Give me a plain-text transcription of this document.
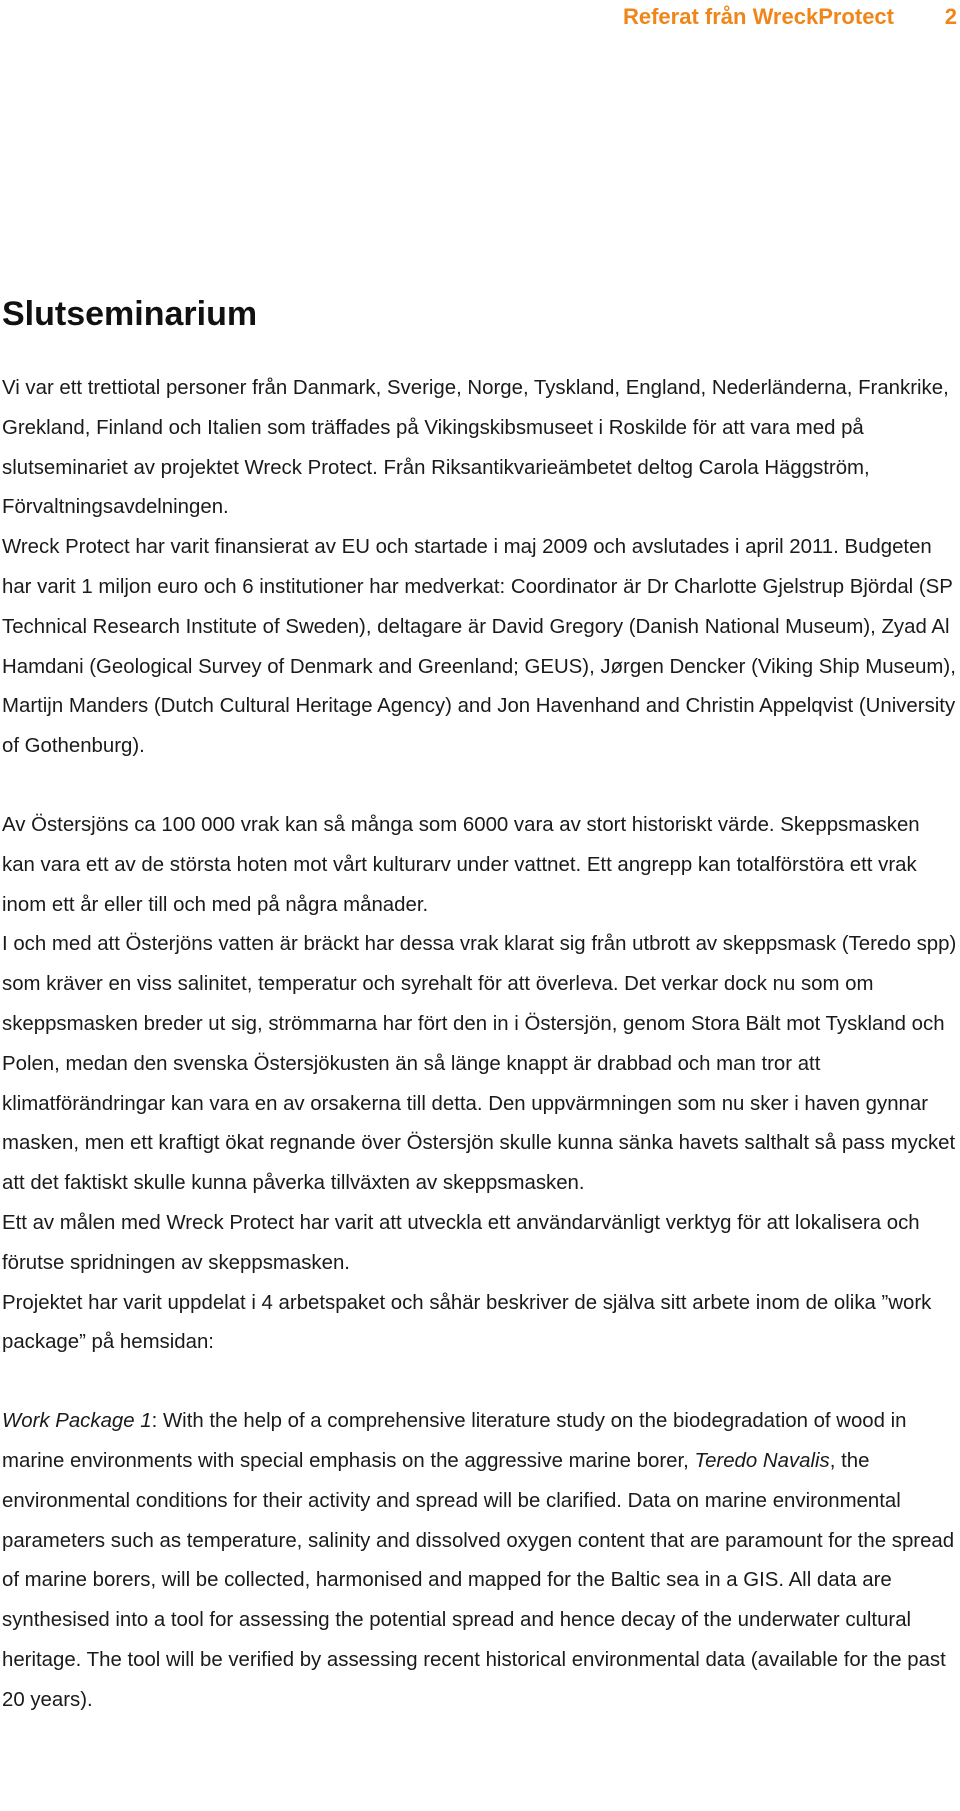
Referat från WreckProtect 2
Slutseminarium

Vi var ett trettiotal personer från Danmark, Sverige, Norge, Tyskland, England, Nederländerna, Frankrike, Grekland, Finland och Italien som träffades på Vikingskibsmuseet i Roskilde för att vara med på slutseminariet av projektet Wreck Protect. Från Riksantikvarieämbetet deltog Carola Häggström, Förvaltningsavdelningen.

Wreck Protect har varit finansierat av EU och startade i maj 2009 och avslutades i april 2011. Budgeten har varit 1 miljon euro och 6 institutioner har medverkat: Coordinator är Dr Charlotte Gjelstrup Björdal (SP Technical Research Institute of Sweden), deltagare är David Gregory (Danish National Museum), Zyad Al Hamdani (Geological Survey of Denmark and Greenland; GEUS), Jørgen Dencker (Viking Ship Museum), Martijn Manders (Dutch Cultural Heritage Agency) and Jon Havenhand and Christin Appelqvist (University of Gothenburg).

Av Östersjöns ca 100 000 vrak kan så många som 6000 vara av stort historiskt värde. Skeppsmasken kan vara ett av de största hoten mot vårt kulturarv under vattnet. Ett angrepp kan totalförstöra ett vrak inom ett år eller till och med på några månader.

I och med att Österjöns vatten är bräckt har dessa vrak klarat sig från utbrott av skeppsmask (Teredo spp) som kräver en viss salinitet, temperatur och syrehalt för att överleva. Det verkar dock nu som om skeppsmasken breder ut sig, strömmarna har fört den in i Östersjön, genom Stora Bält mot Tyskland och Polen, medan den svenska Östersjökusten än så länge knappt är drabbad och man tror att klimatförändringar kan vara en av orsakerna till detta. Den uppvärmningen som nu sker i haven gynnar masken, men ett kraftigt ökat regnande över Östersjön skulle kunna sänka havets salthalt så pass mycket att det faktiskt skulle kunna påverka tillväxten av skeppsmasken.

Ett av målen med Wreck Protect har varit att utveckla ett användarvänligt verktyg för att lokalisera och förutse spridningen av skeppsmasken.

Projektet har varit uppdelat i 4 arbetspaket och såhär beskriver de själva sitt arbete inom de olika ”work package” på hemsidan:

Work Package 1: With the help of a comprehensive literature study on the biodegradation of wood in marine environments with special emphasis on the aggressive marine borer, Teredo Navalis, the environmental conditions for their activity and spread will be clarified. Data on marine environmental parameters such as temperature, salinity and dissolved oxygen content that are paramount for the spread of marine borers, will be collected, harmonised and mapped for the Baltic sea in a GIS. All data are synthesised into a tool for assessing the potential spread and hence decay of the underwater cultural heritage. The tool will be verified by assessing recent historical environmental data (available for the past 20 years).
